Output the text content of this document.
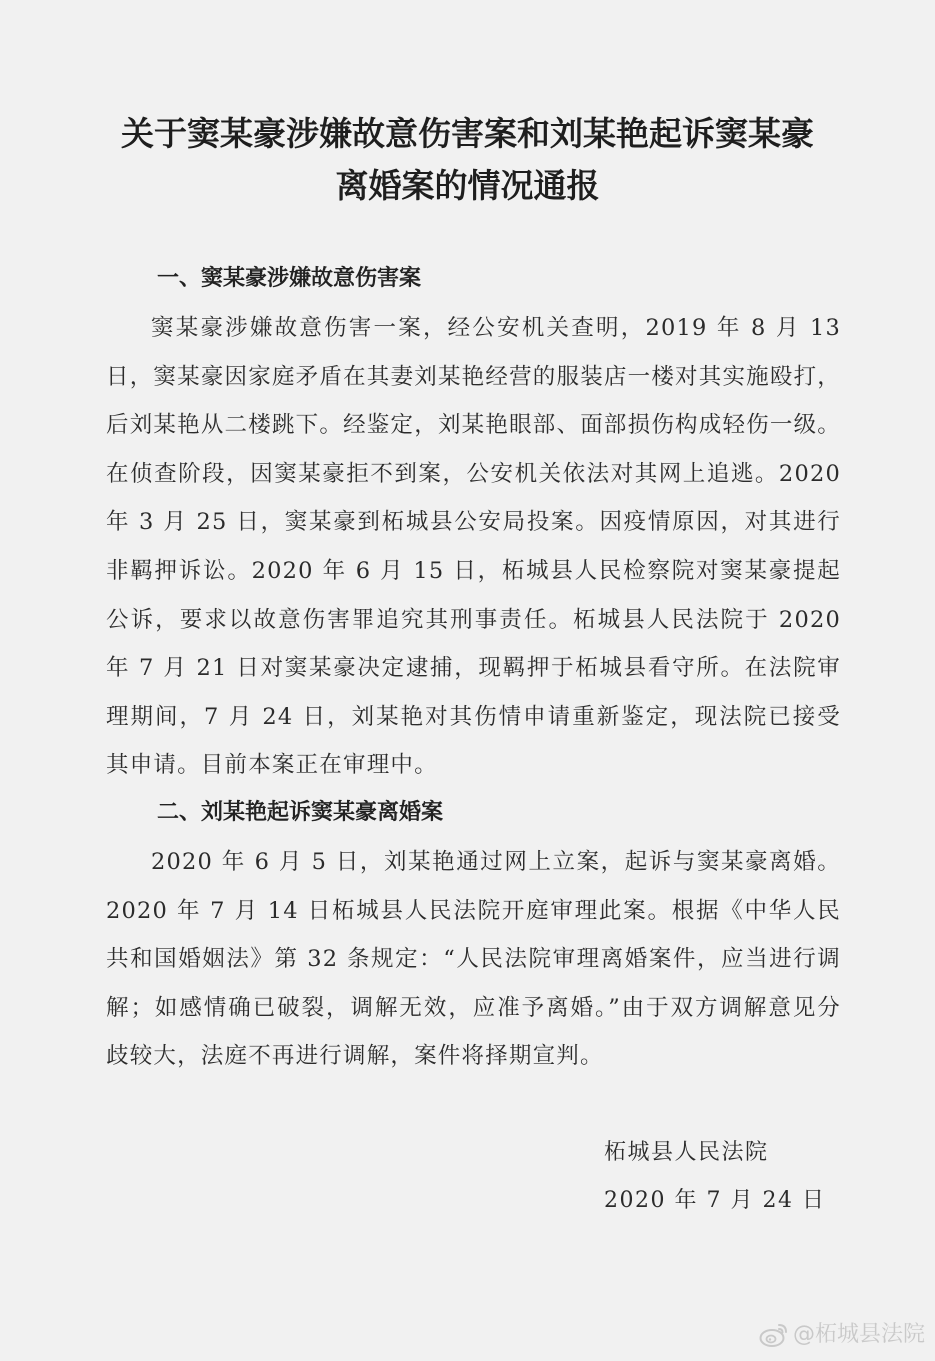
关于窦某豪涉嫌故意伤害案和刘某艳起诉窦某豪
离婚案的情况通报
一、窦某豪涉嫌故意伤害案

窦某豪涉嫌故意伤害一案，经公安机关查明，2019 年 8 月 13 日，窦某豪因家庭矛盾在其妻刘某艳经营的服装店一楼对其实施殴打，后刘某艳从二楼跳下。经鉴定，刘某艳眼部、面部损伤构成轻伤一级。在侦查阶段，因窦某豪拒不到案，公安机关依法对其网上追逃。2020 年 3 月 25 日，窦某豪到柘城县公安局投案。因疫情原因，对其进行非羁押诉讼。2020 年 6 月 15 日，柘城县人民检察院对窦某豪提起公诉，要求以故意伤害罪追究其刑事责任。柘城县人民法院于 2020 年 7 月 21 日对窦某豪决定逮捕，现羁押于柘城县看守所。在法院审理期间，7 月 24 日，刘某艳对其伤情申请重新鉴定，现法院已接受其申请。目前本案正在审理中。

二、刘某艳起诉窦某豪离婚案

2020 年 6 月 5 日，刘某艳通过网上立案，起诉与窦某豪离婚。2020 年 7 月 14 日柘城县人民法院开庭审理此案。根据《中华人民共和国婚姻法》第 32 条规定：“人民法院审理离婚案件，应当进行调解；如感情确已破裂，调解无效，应准予离婚。”由于双方调解意见分歧较大，法庭不再进行调解，案件将择期宣判。

柘城县人民法院
2020 年 7 月 24 日
@柘城县法院
